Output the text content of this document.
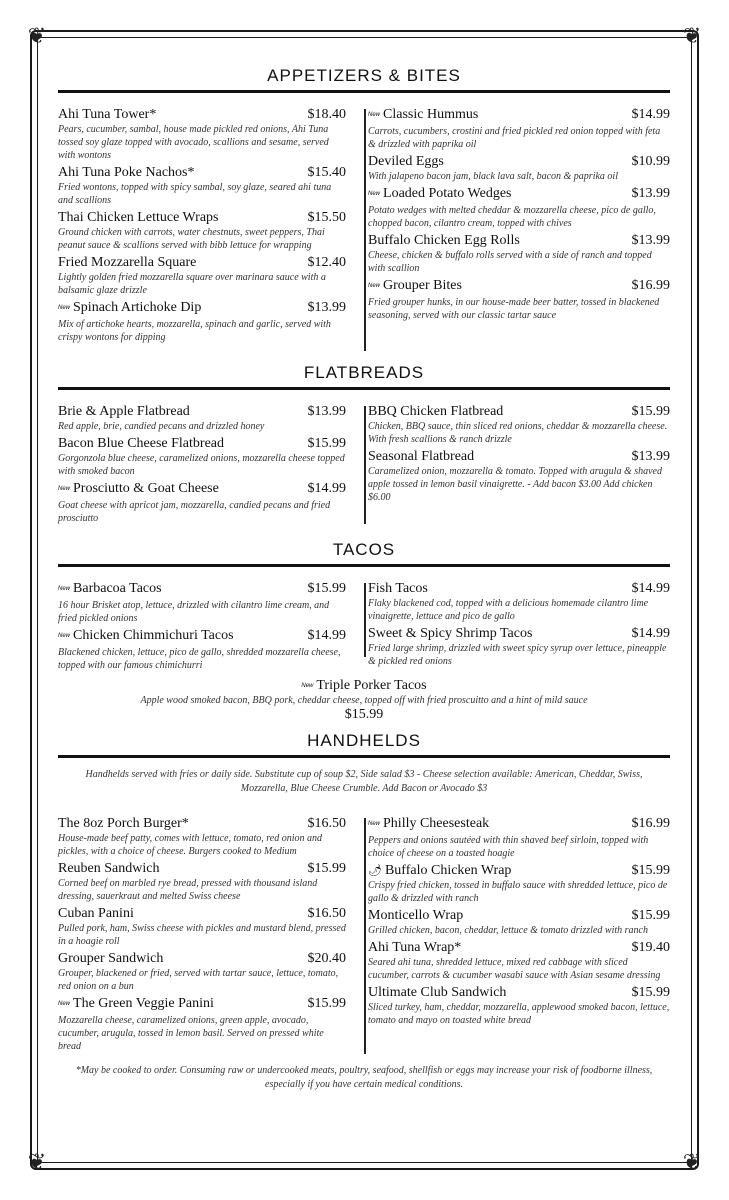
❦	❦
❦	❦
APPETIZERS & BITES
Ahi Tuna Tower*	$18.40
Pears, cucumber, sambal, house made pickled red onions, Ahi Tuna tossed soy glaze topped with avocado, scallions and sesame, served with wontons
Ahi Tuna Poke Nachos*	$15.40
Fried wontons, topped with spicy sambal, soy glaze, seared ahi tuna and scallions
Thai Chicken Lettuce Wraps	$15.50
Ground chicken with carrots, water chestnuts, sweet peppers, Thai peanut sauce & scallions served with bibb lettuce for wrapping
Fried Mozzarella Square	$12.40
Lightly golden fried mozzarella square over marinara sauce with a balsamic glaze drizzle
New Spinach Artichoke Dip	$13.99
Mix of artichoke hearts, mozzarella, spinach and garlic, served with crispy wontons for dipping
New Classic Hummus	$14.99
Carrots, cucumbers, crostini and fried pickled red onion topped with feta & drizzled with paprika oil
Deviled Eggs	$10.99
With jalapeno bacon jam, black lava salt, bacon & paprika oil
New Loaded Potato Wedges	$13.99
Potato wedges with melted cheddar & mozzarella cheese, pico de gallo, chopped bacon, cilantro cream, topped with chives
Buffalo Chicken Egg Rolls	$13.99
Cheese, chicken & buffalo rolls served with a side of ranch and topped with scallion
New Grouper Bites	$16.99
Fried grouper hunks, in our house-made beer batter, tossed in blackened seasoning, served with our classic tartar sauce
FLATBREADS
Brie & Apple Flatbread	$13.99
Red apple, brie, candied pecans and drizzled honey
Bacon Blue Cheese Flatbread	$15.99
Gorgonzola blue cheese, caramelized onions, mozzarella cheese topped with smoked bacon
New Prosciutto & Goat Cheese	$14.99
Goat cheese with apricot jam, mozzarella, candied pecans and fried prosciutto
BBQ Chicken Flatbread	$15.99
Chicken, BBQ sauce, thin sliced red onions, cheddar & mozzarella cheese. With fresh scallions & ranch drizzle
Seasonal Flatbread	$13.99
Caramelized onion, mozzarella & tomato. Topped with arugula & shaved apple tossed in lemon basil vinaigrette. - Add bacon $3.00 Add chicken $6.00
TACOS
New Barbacoa Tacos	$15.99
16 hour Brisket atop, lettuce, drizzled with cilantro lime cream, and fried pickled onions
New Chicken Chimmichuri Tacos	$14.99
Blackened chicken, lettuce, pico de gallo, shredded mozzarella cheese, topped with our famous chimichurri
Fish Tacos	$14.99
Flaky blackened cod, topped with a delicious homemade cilantro lime vinaigrette, lettuce and pico de gallo
Sweet & Spicy Shrimp Tacos	$14.99
Fried large shrimp, drizzled with sweet spicy syrup over lettuce, pineapple & pickled red onions
New Triple Porker Tacos
Apple wood smoked bacon, BBQ pork, cheddar cheese, topped off with fried proscuitto and a hint of mild sauce
$15.99
HANDHELDS
Handhelds served with fries or daily side. Substitute cup of soup $2, Side salad $3 - Cheese selection available: American, Cheddar, Swiss, Mozzarella, Blue Cheese Crumble. Add Bacon or Avocado $3
The 8oz Porch Burger*	$16.50
House-made beef patty, comes with lettuce, tomato, red onion and pickles, with a choice of cheese. Burgers cooked to Medium
Reuben Sandwich	$15.99
Corned beef on marbled rye bread, pressed with thousand island dressing, sauerkraut and melted Swiss cheese
Cuban Panini	$16.50
Pulled pork, ham, Swiss cheese with pickles and mustard blend, pressed in a hoagie roll
Grouper Sandwich	$20.40
Grouper, blackened or fried, served with tartar sauce, lettuce, tomato, red onion on a bun
New The Green Veggie Panini	$15.99
Mozzarella cheese, caramelized onions, green apple, avocado, cucumber, arugula, tossed in lemon basil. Served on pressed white bread
New Philly Cheesesteak	$16.99
Peppers and onions sautéed with thin shaved beef sirloin, topped with choice of cheese on a toasted hoagie
🌶 Buffalo Chicken Wrap	$15.99
Crispy fried chicken, tossed in buffalo sauce with shredded lettuce, pico de gallo & drizzled with ranch
Monticello Wrap	$15.99
Grilled chicken, bacon, cheddar, lettuce & tomato drizzled with ranch
Ahi Tuna Wrap*	$19.40
Seared ahi tuna, shredded lettuce, mixed red cabbage with sliced cucumber, carrots & cucumber wasabi sauce with Asian sesame dressing
Ultimate Club Sandwich	$15.99
Sliced turkey, ham, cheddar, mozzarella, applewood smoked bacon, lettuce, tomato and mayo on toasted white bread
*May be cooked to order. Consuming raw or undercooked meats, poultry, seafood, shellfish or eggs may increase your risk of foodborne illness, especially if you have certain medical conditions.
